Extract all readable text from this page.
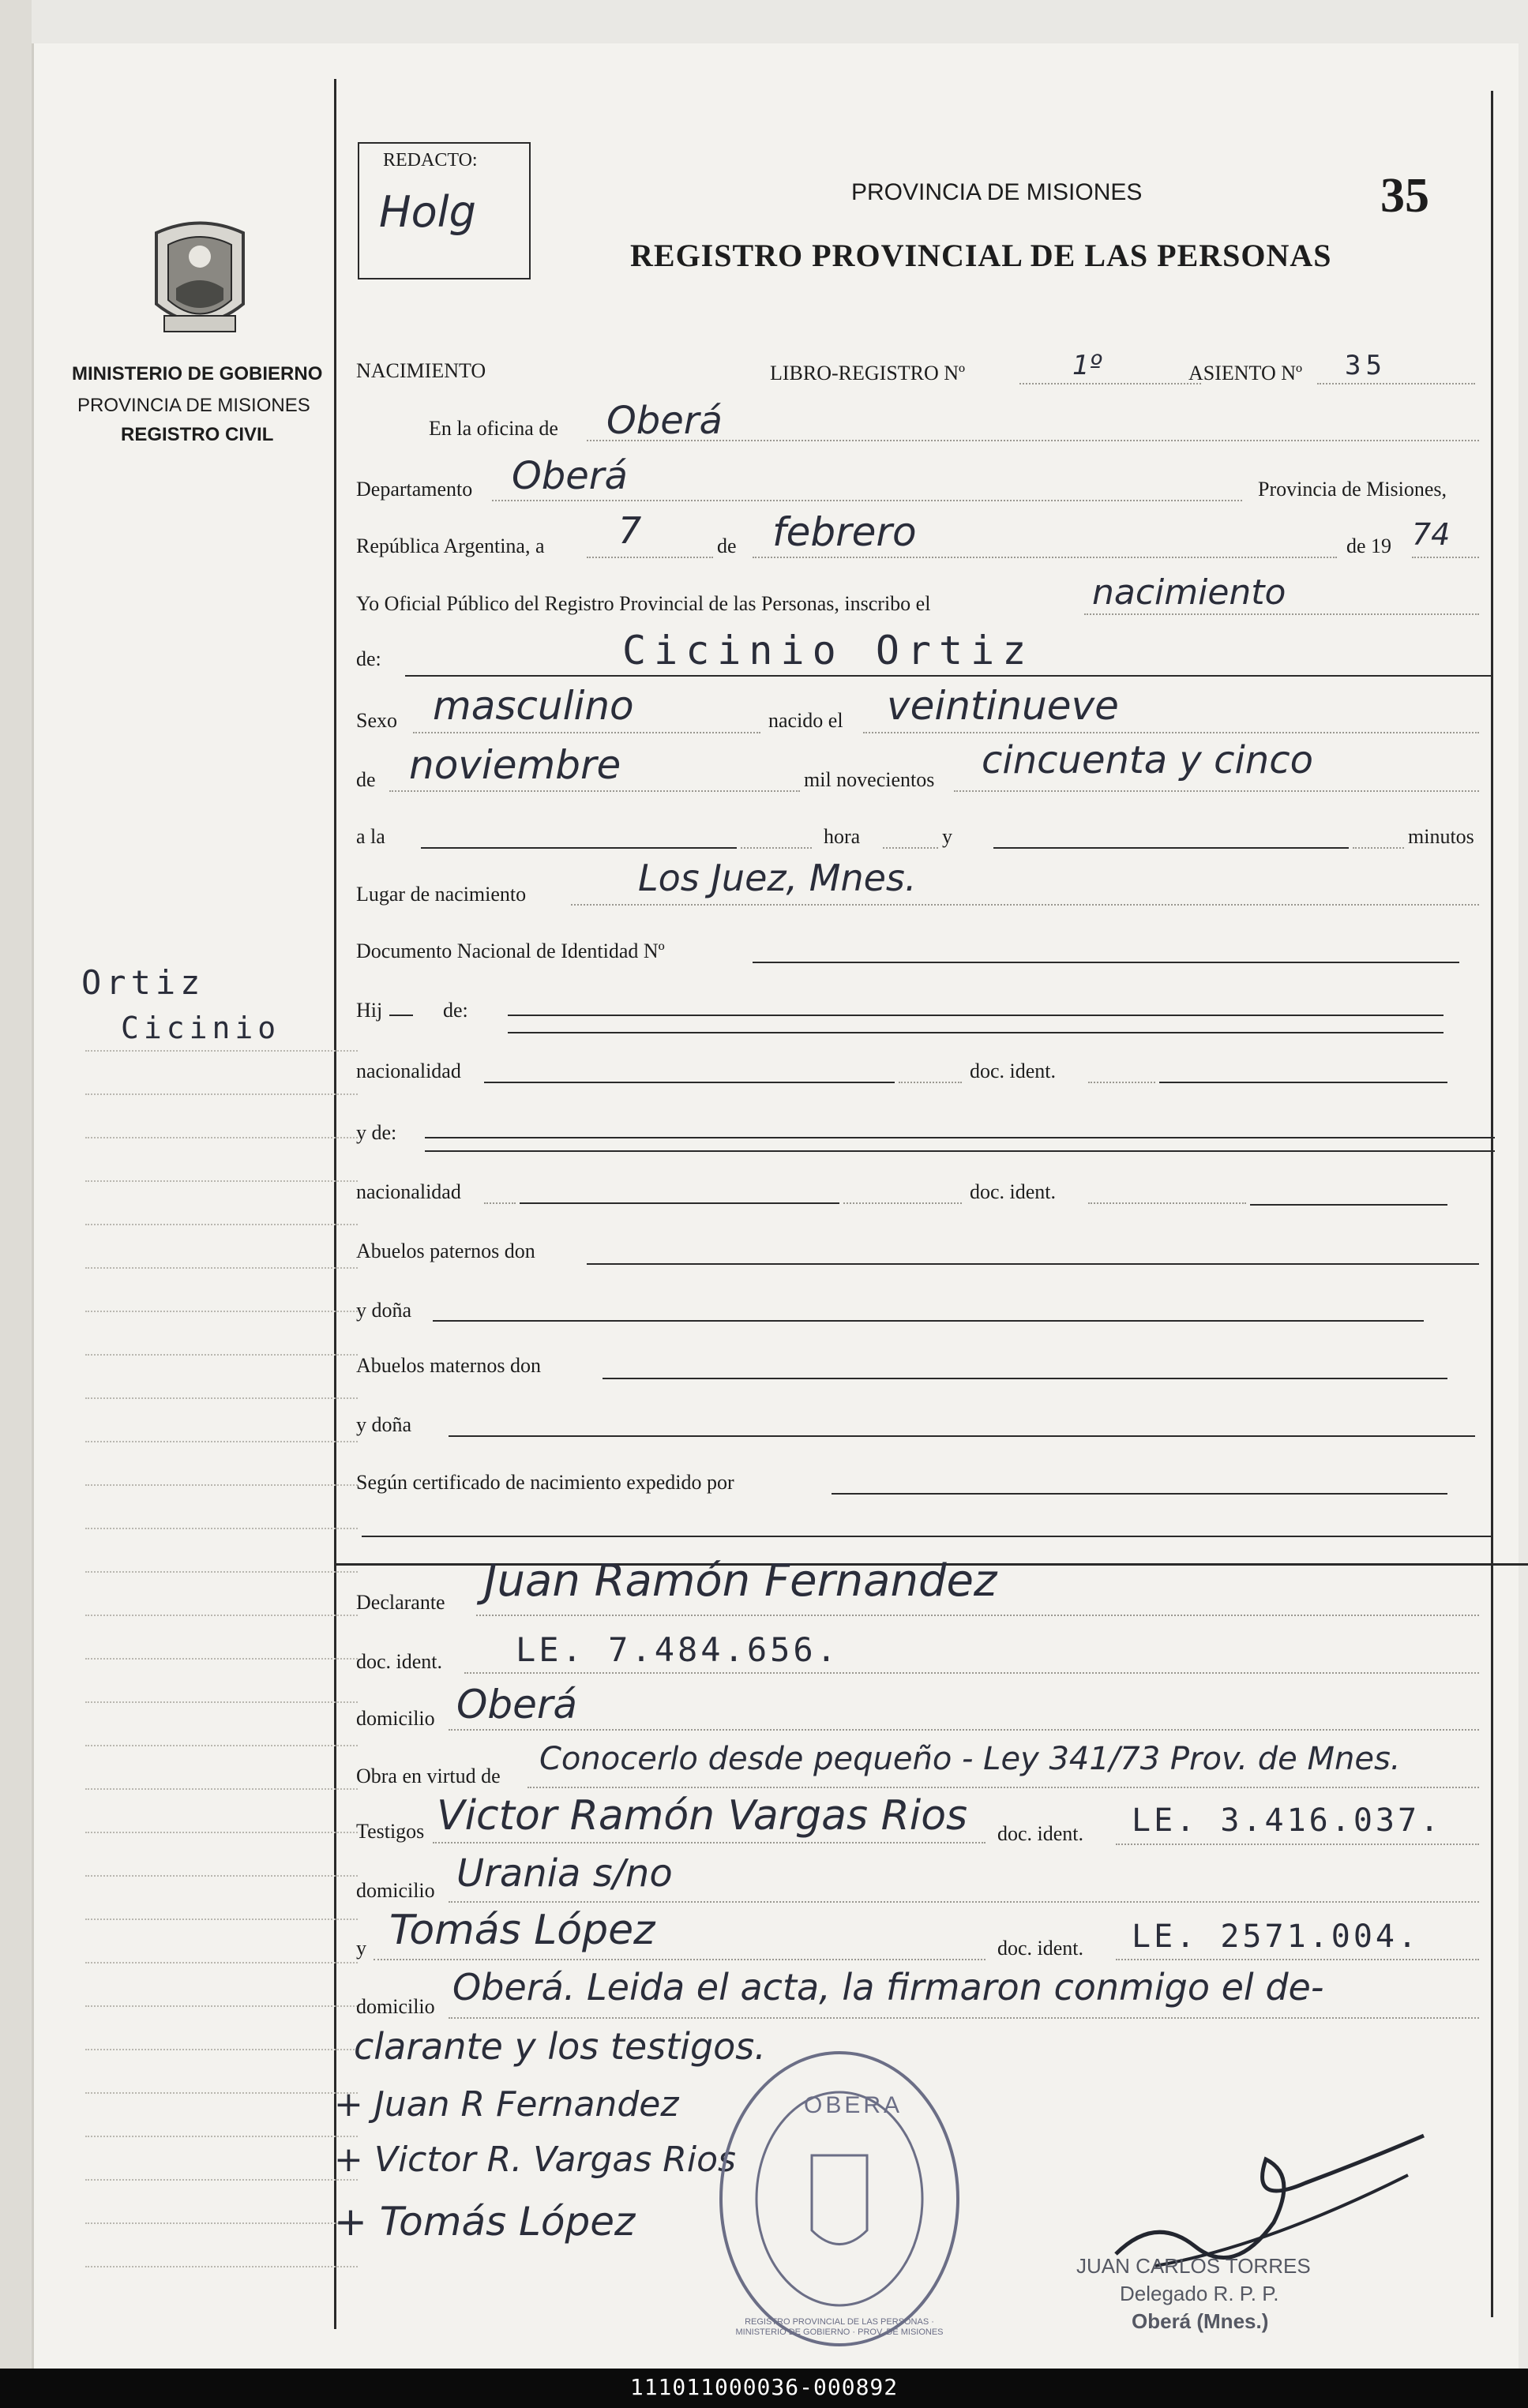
REDACTO:
Holg	PROVINCIA DE MISIONES
REGISTRO PROVINCIAL DE LAS PERSONAS
35
MINISTERIO DE GOBIERNO
PROVINCIA DE MISIONES
REGISTRO CIVIL
Ortiz
Cicinio
NACIMIENTO	LIBRO-REGISTRO Nº	1º	ASIENTO Nº 35
En la oficina de Oberá
Departamento Oberá	Provincia de Misiones,
República Argentina, a 7	de febrero	de 19 74
Yo Oficial Público del Registro Provincial de las Personas, inscribo el	nacimiento
de:	Cicinio Ortiz
Sexo masculino	nacido el veintinueve
de noviembre	mil novecientos cincuenta y cinco
a la	hora	y	minutos
Lugar de nacimiento	Los Juez, Mnes.
Documento Nacional de Identidad Nº
Hij	de:
nacionalidad	doc. ident.
y de:
nacionalidad	doc. ident.
Abuelos paternos don
y doña
Abuelos maternos don
y doña
Según certificado de nacimiento expedido por
Declarante Juan Ramón Fernandez
doc. ident. LE. 7.484.656.
domicilio Oberá
Obra en virtud de Conocerlo desde pequeño - Ley 341/73 Prov. de Mnes.
Testigos Victor Ramón Vargas Rios doc. ident. LE. 3.416.037.
domicilio Urania s/no
y Tomás López	doc. ident. LE. 2571.004.
domicilio Oberá. Leida el acta, la firmaron conmigo el de-
clarante y los testigos.
+ Juan R Fernandez
+ Victor R. Vargas Rios
+ Tomás López
OBERA
REGISTRO PROVINCIAL DE LAS PERSONAS · MINISTERIO DE GOBIERNO · PROV. DE MISIONES
JUAN CARLOS TORRES
Delegado R. P. P.
Oberá (Mnes.)
111011000036-000892
